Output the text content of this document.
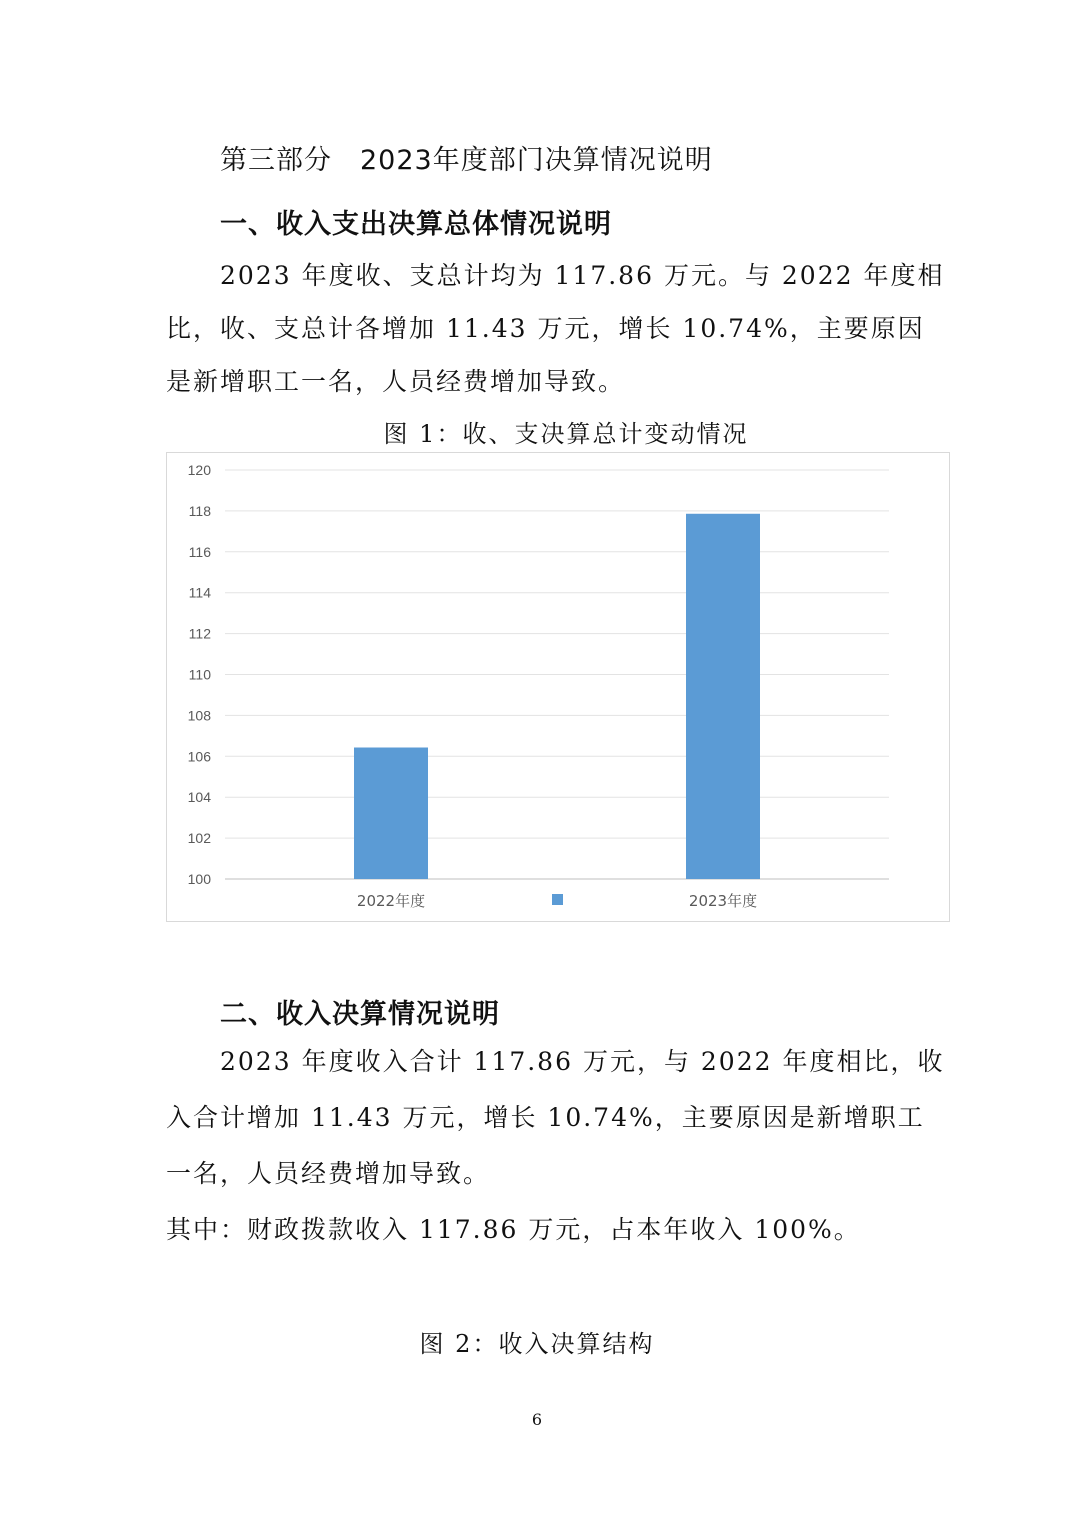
第三部分　2023年度部门决算情况说明
一、收入支出决算总体情况说明
2023 年度收、支总计均为 117.86 万元。与 2022 年度相
比，收、支总计各增加 11.43 万元，增长 10.74%，主要原因
是新增职工一名，人员经费增加导致。
图 1：收、支决算总计变动情况
100
102
104
106
108
110
112
114
116
118
120
2022年度	2023年度
二、收入决算情况说明
2023 年度收入合计 117.86 万元，与 2022 年度相比，收
入合计增加 11.43 万元，增长 10.74%，主要原因是新增职工
一名，人员经费增加导致。
其中：财政拨款收入 117.86 万元，占本年收入 100%。
图 2：收入决算结构
6
